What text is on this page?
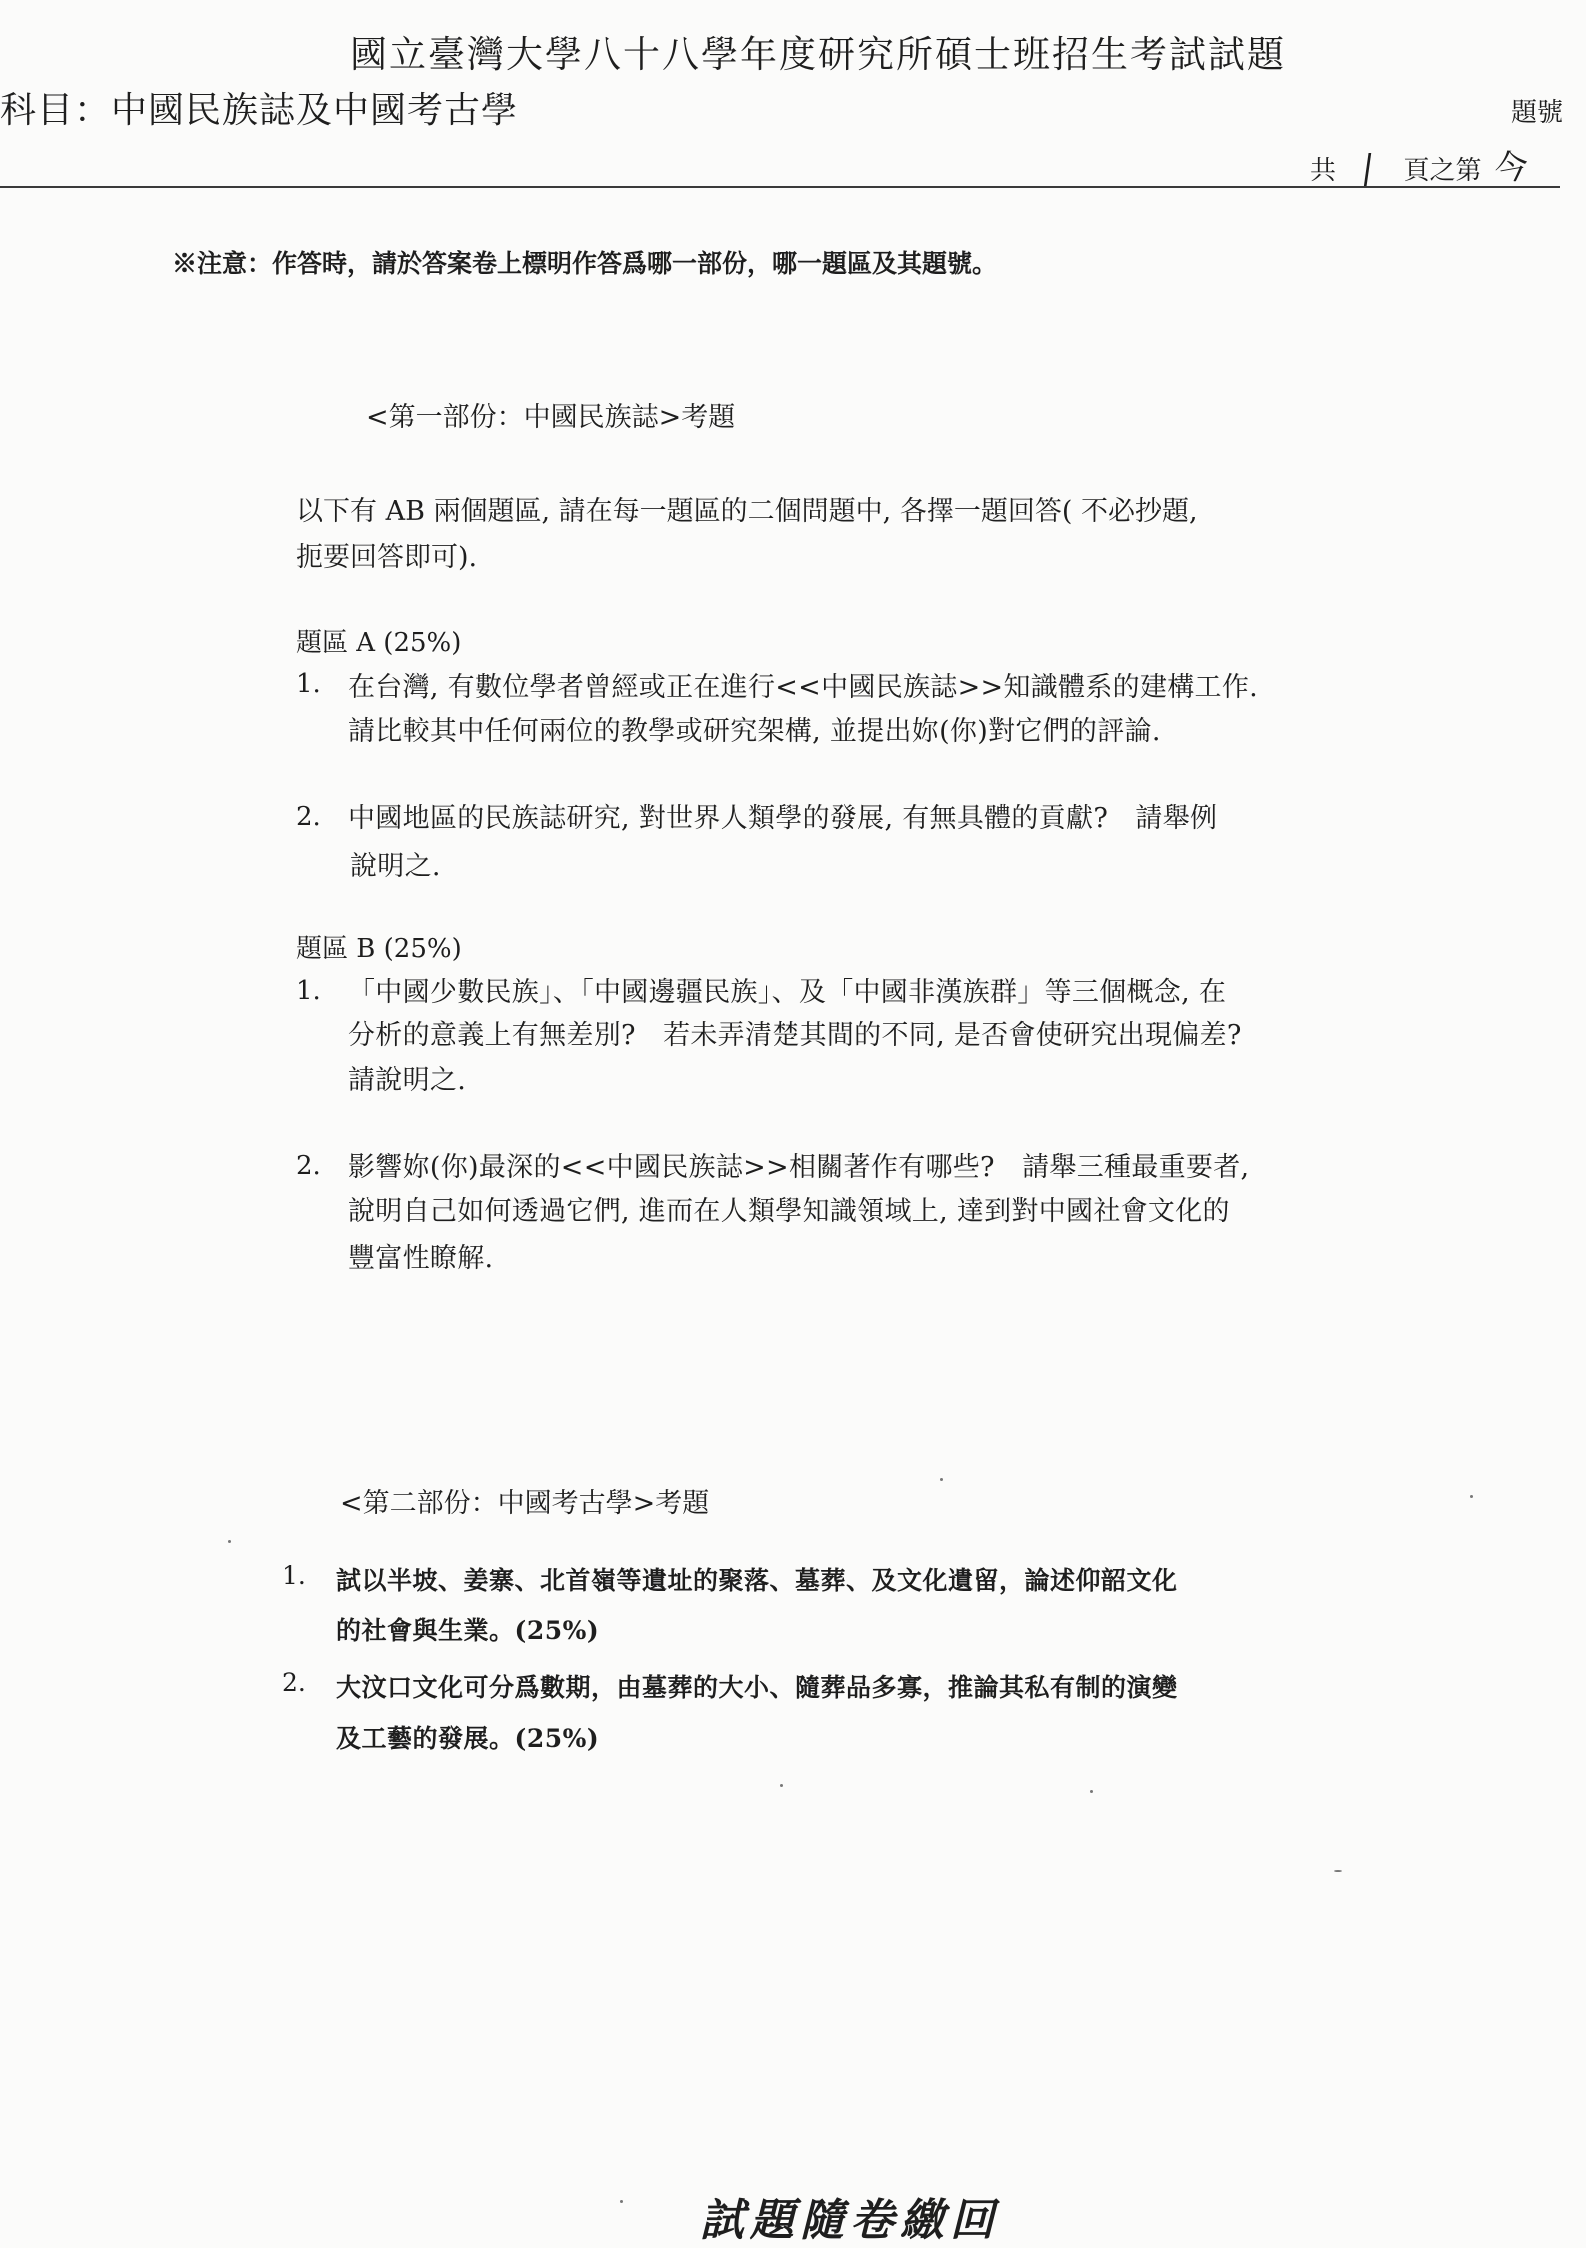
國立臺灣大學八十八學年度研究所碩士班招生考試試題
科目：中國民族誌及中國考古學	題號
共 | 頁之第 今
※注意：作答時，請於答案卷上標明作答爲哪一部份，哪一題區及其題號。
<第一部份：中國民族誌>考題
以下有 AB 兩個題區, 請在每一題區的二個問題中, 各擇一題回答( 不必抄題,
扼要回答即可).
題區 A (25%)
1. 在台灣, 有數位學者曾經或正在進行<<中國民族誌>>知識體系的建構工作.
請比較其中任何兩位的教學或研究架構, 並提出妳(你)對它們的評論.
2. 中國地區的民族誌研究, 對世界人類學的發展, 有無具體的貢獻?　請舉例
說明之.
題區 B (25%)
1. 「中國少數民族」、「中國邊疆民族」、及「中國非漢族群」等三個概念, 在
分析的意義上有無差別?　若未弄清楚其間的不同, 是否會使研究出現偏差?
請說明之.
2. 影響妳(你)最深的<<中國民族誌>>相關著作有哪些?　請舉三種最重要者,
說明自己如何透過它們, 進而在人類學知識領域上, 達到對中國社會文化的
豐富性瞭解.
<第二部份：中國考古學>考題
1. 試以半坡、姜寨、北首嶺等遺址的聚落、墓葬、及文化遺留，論述仰韶文化
的社會與生業。(25%)
2. 大汶口文化可分爲數期，由墓葬的大小、隨葬品多寡，推論其私有制的演變
及工藝的發展。(25%)
試題隨卷繳回
